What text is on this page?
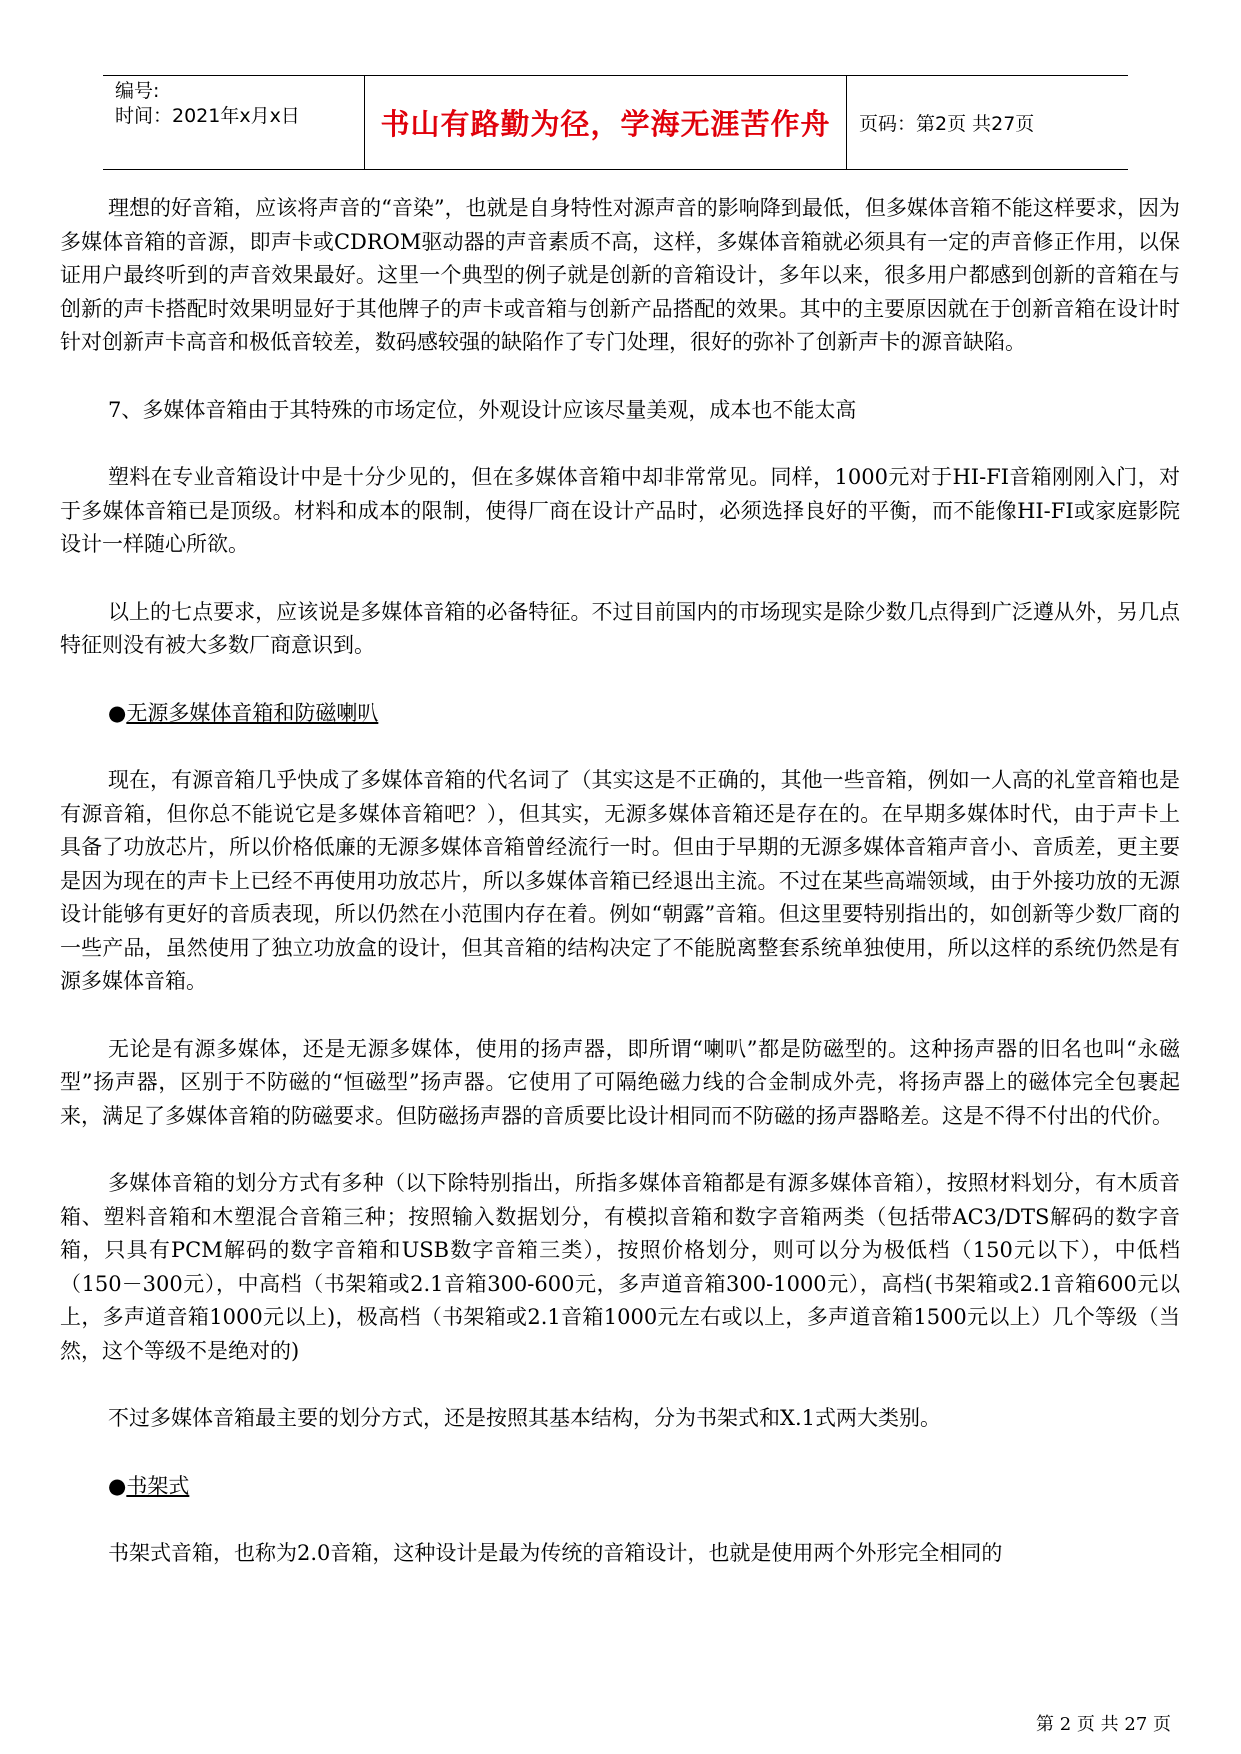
编号:
时间：2021年x月x日	书山有路勤为径，学海无涯苦作舟 页码：第2页 共27页

理想的好音箱，应该将声音的“音染”，也就是自身特性对源声音的影响降到最低，但多媒体音箱不能这样要求，因为多媒体音箱的音源，即声卡或CDROM驱动器的声音素质不高，这样，多媒体音箱就必须具有一定的声音修正作用，以保证用户最终听到的声音效果最好。这里一个典型的例子就是创新的音箱设计，多年以来，很多用户都感到创新的音箱在与创新的声卡搭配时效果明显好于其他牌子的声卡或音箱与创新产品搭配的效果。其中的主要原因就在于创新音箱在设计时针对创新声卡高音和极低音较差，数码感较强的缺陷作了专门处理，很好的弥补了创新声卡的源音缺陷。

7、多媒体音箱由于其特殊的市场定位，外观设计应该尽量美观，成本也不能太高

塑料在专业音箱设计中是十分少见的，但在多媒体音箱中却非常常见。同样，1000元对于HI-FI音箱刚刚入门，对于多媒体音箱已是顶级。材料和成本的限制，使得厂商在设计产品时，必须选择良好的平衡，而不能像HI-FI或家庭影院设计一样随心所欲。

以上的七点要求，应该说是多媒体音箱的必备特征。不过目前国内的市场现实是除少数几点得到广泛遵从外，另几点特征则没有被大多数厂商意识到。

●无源多媒体音箱和防磁喇叭

现在，有源音箱几乎快成了多媒体音箱的代名词了（其实这是不正确的，其他一些音箱，例如一人高的礼堂音箱也是有源音箱，但你总不能说它是多媒体音箱吧？），但其实，无源多媒体音箱还是存在的。在早期多媒体时代，由于声卡上具备了功放芯片，所以价格低廉的无源多媒体音箱曾经流行一时。但由于早期的无源多媒体音箱声音小、音质差，更主要是因为现在的声卡上已经不再使用功放芯片，所以多媒体音箱已经退出主流。不过在某些高端领域，由于外接功放的无源设计能够有更好的音质表现，所以仍然在小范围内存在着。例如“朝露”音箱。但这里要特别指出的，如创新等少数厂商的一些产品，虽然使用了独立功放盒的设计，但其音箱的结构决定了不能脱离整套系统单独使用，所以这样的系统仍然是有源多媒体音箱。

无论是有源多媒体，还是无源多媒体，使用的扬声器，即所谓“喇叭”都是防磁型的。这种扬声器的旧名也叫“永磁型”扬声器，区别于不防磁的“恒磁型”扬声器。它使用了可隔绝磁力线的合金制成外壳，将扬声器上的磁体完全包裹起来，满足了多媒体音箱的防磁要求。但防磁扬声器的音质要比设计相同而不防磁的扬声器略差。这是不得不付出的代价。

多媒体音箱的划分方式有多种（以下除特别指出，所指多媒体音箱都是有源多媒体音箱），按照材料划分，有木质音箱、塑料音箱和木塑混合音箱三种；按照输入数据划分，有模拟音箱和数字音箱两类（包括带AC3/DTS解码的数字音箱，只具有PCM解码的数字音箱和USB数字音箱三类），按照价格划分，则可以分为极低档（150元以下），中低档（150－300元），中高档（书架箱或2.1音箱300-600元，多声道音箱300-1000元），高档(书架箱或2.1音箱600元以上，多声道音箱1000元以上)，极高档（书架箱或2.1音箱1000元左右或以上，多声道音箱1500元以上）几个等级（当然，这个等级不是绝对的)

不过多媒体音箱最主要的划分方式，还是按照其基本结构，分为书架式和X.1式两大类别。

●书架式

书架式音箱，也称为2.0音箱，这种设计是最为传统的音箱设计，也就是使用两个外形完全相同的

第 2 页 共 27 页
